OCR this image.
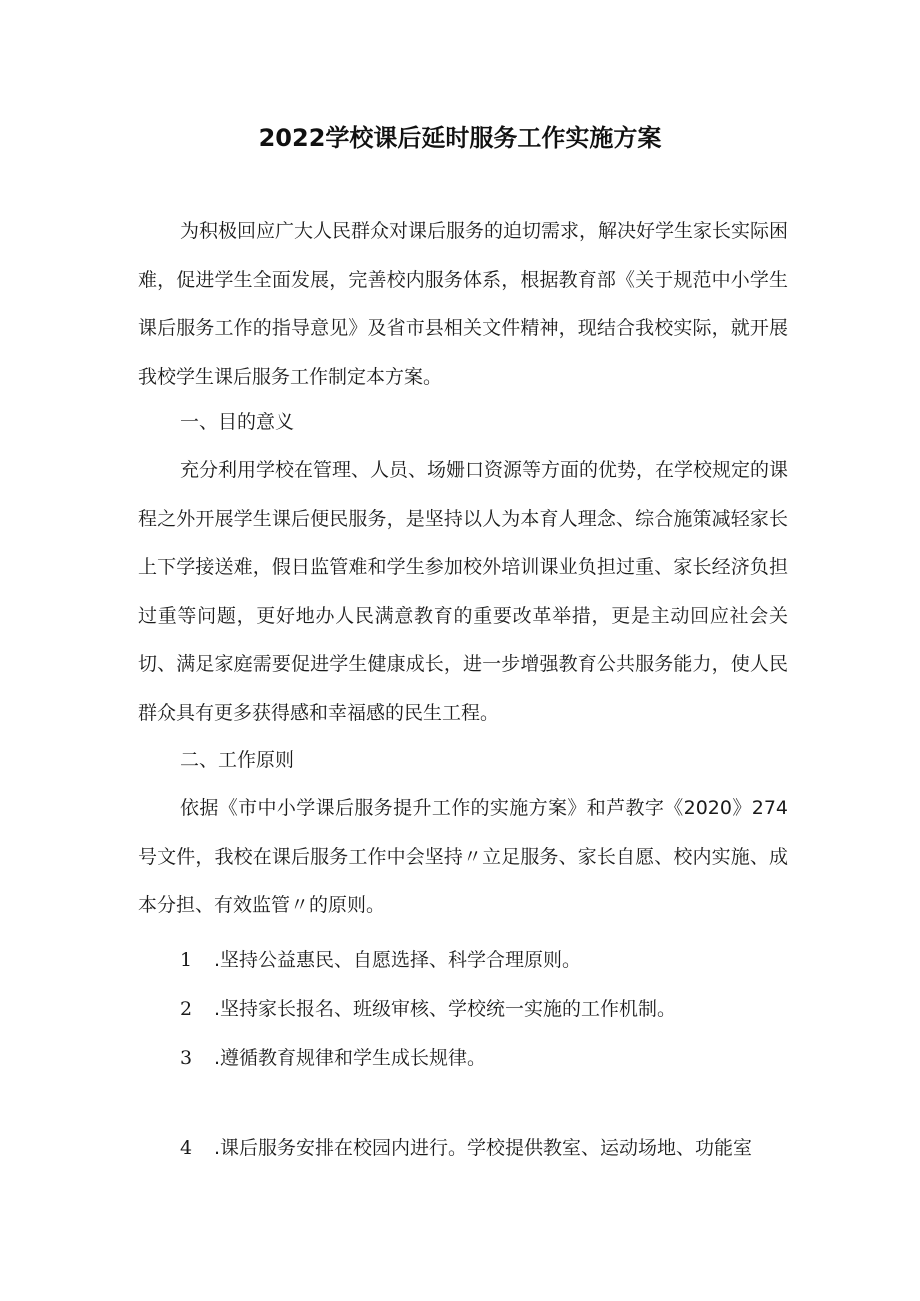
2022学校课后延时服务工作实施方案

为积极回应广大人民群众对课后服务的迫切需求，解决好学生家长实际困难，促进学生全面发展，完善校内服务体系，根据教育部《关于规范中小学生课后服务工作的指导意见》及省市县相关文件精神，现结合我校实际，就开展我校学生课后服务工作制定本方案。

一、目的意义

充分利用学校在管理、人员、场姗口资源等方面的优势，在学校规定的课程之外开展学生课后便民服务，是坚持以人为本育人理念、综合施策减轻家长上下学接送难，假日监管难和学生参加校外培训课业负担过重、家长经济负担过重等问题，更好地办人民满意教育的重要改革举措，更是主动回应社会关切、满足家庭需要促进学生健康成长，进一步增强教育公共服务能力，使人民群众具有更多获得感和幸福感的民生工程。

二、工作原则

依据《市中小学课后服务提升工作的实施方案》和芦教字《2020》274号文件，我校在课后服务工作中会坚持〃立足服务、家长自愿、校内实施、成本分担、有效监管〃的原则。

1 .坚持公益惠民、自愿选择、科学合理原则。

2 .坚持家长报名、班级审核、学校统一实施的工作机制。

3 .遵循教育规律和学生成长规律。

4 .课后服务安排在校园内进行。学校提供教室、运动场地、功能室
